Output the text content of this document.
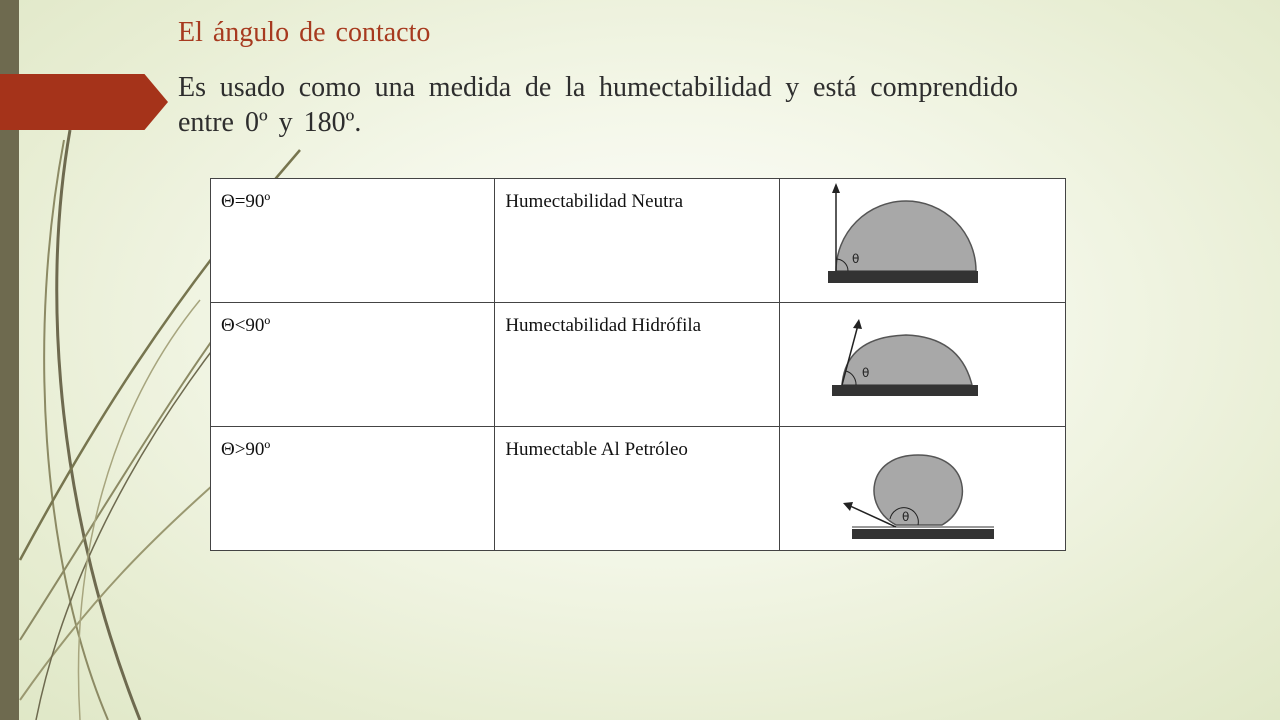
El ángulo de contacto

Es usado como una medida de la humectabilidad y está comprendido entre 0º y 180º.

Θ=90º	Humectabilidad Neutra	θ

Θ<90º	Humectabilidad Hidrófila	θ

Θ>90º	Humectable Al Petróleo	θ
